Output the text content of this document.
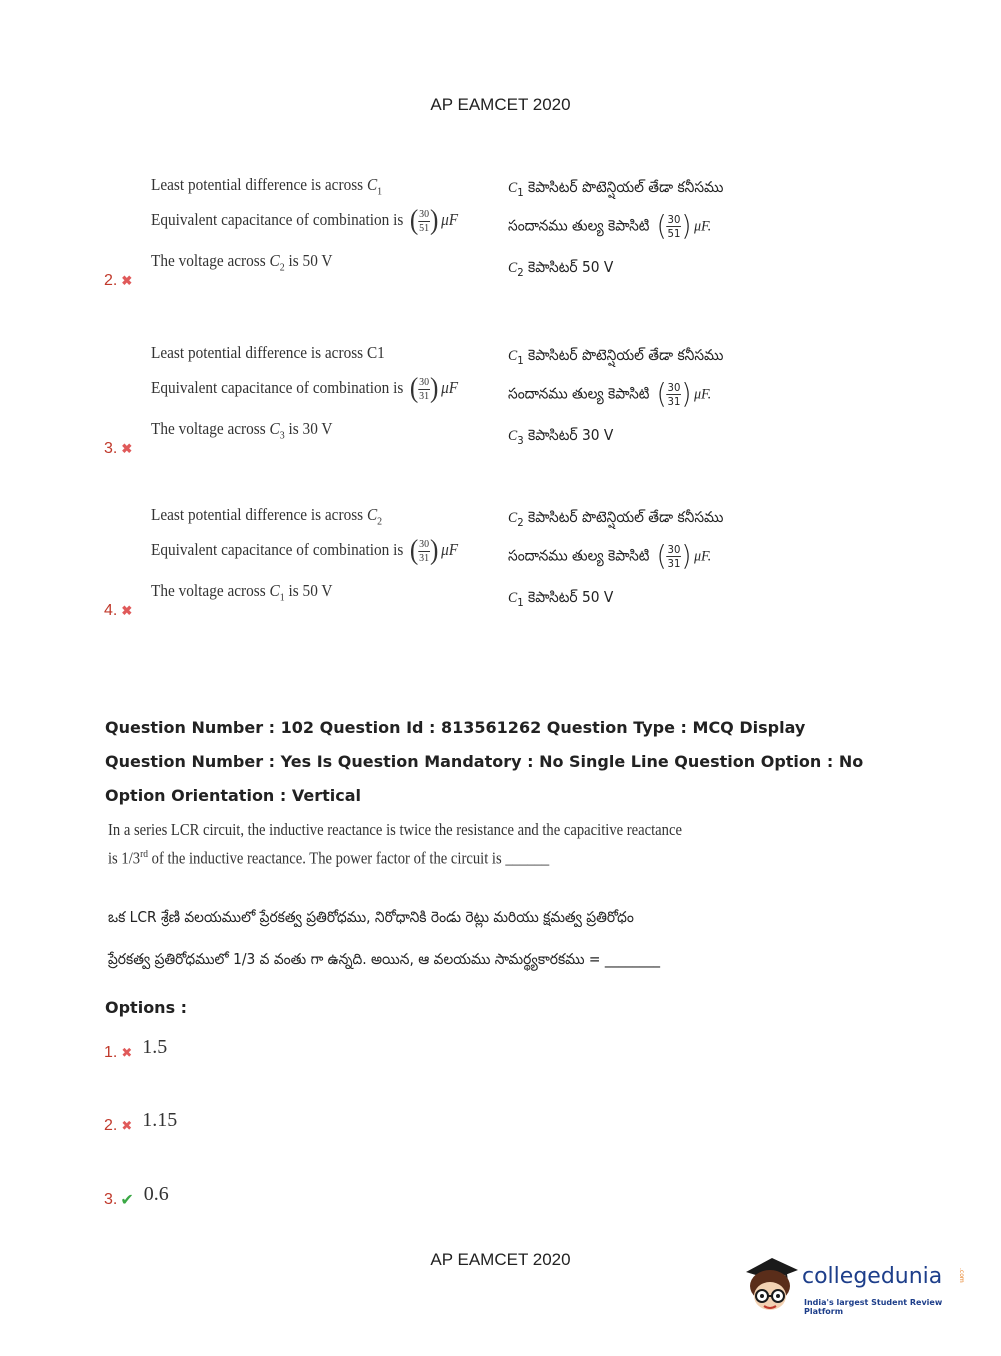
AP EAMCET 2020
2. ✖
Least potential difference is across $C_1$
Equivalent capacitance of combination is ( $\frac{30}{51}$ ) μF
The voltage across $C_2$ is 50 V
$C_1$ కెపాసిటర్ పొటెన్షియల్ తేడా కనీసము
సందానము తుల్య కెపాసిటి ( $\frac{30}{51}$ ) μF.
$C_2$ కెపాసిటర్ 50 V
3. ✖
Least potential difference is across C1
Equivalent capacitance of combination is ( $\frac{30}{31}$ ) μF
The voltage across $C_3$ is 30 V
$C_1$ కెపాసిటర్ పొటెన్షియల్ తేడా కనీసము
సందానము తుల్య కెపాసిటి ( $\frac{30}{31}$ ) μF.
$C_3$ కెపాసిటర్ 30 V
4. ✖
Least potential difference is across $C_2$
Equivalent capacitance of combination is ( $\frac{30}{31}$ ) μF
The voltage across $C_1$ is 50 V
$C_2$ కెపాసిటర్ పొటెన్షియల్ తేడా కనీసము
సందానము తుల్య కెపాసిటి ( $\frac{30}{31}$ ) μF.
$C_1$ కెపాసిటర్ 50 V
Question Number : 102 Question Id : 813561262 Question Type : MCQ Display Question Number : Yes Is Question Mandatory : No Single Line Question Option : No Option Orientation : Vertical
In a series LCR circuit, the inductive reactance is twice the resistance and the capacitive reactance
is 1/3rd of the inductive reactance. The power factor of the circuit is ______
ఒక LCR శ్రేణి వలయములో ప్రేరకత్వ ప్రతిరోధము, నిరోధానికి రెండు రెట్లు మరియు క్షమత్వ ప్రతిరోధం
ప్రేరకత్వ ప్రతిరోధములో 1/3 వ వంతు గా ఉన్నది. అయిన, ఆ వలయము సామర్థ్యకారకము = ________
Options :
1. ✖ 1.5
2. ✖ 1.15
3. ✔ 0.6
AP EAMCET 2020
collegedunia	.com
India's largest Student Review Platform
